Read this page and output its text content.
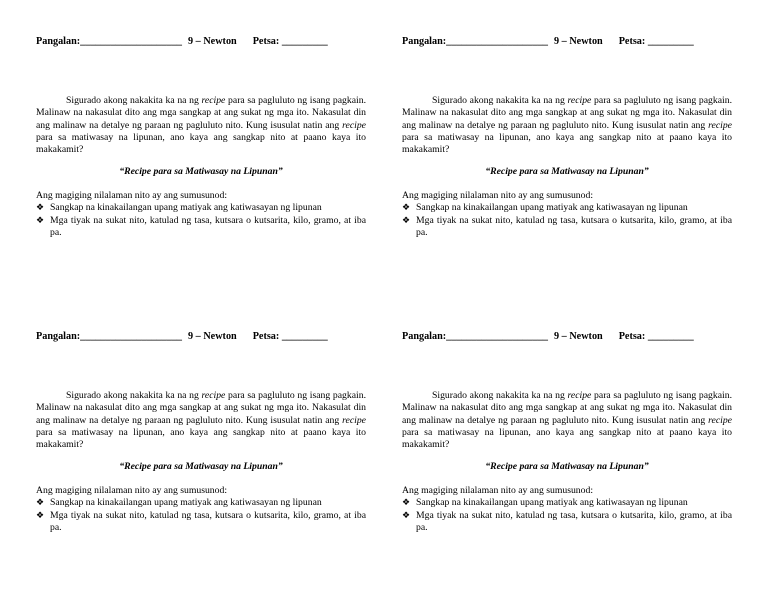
Pangalan:____________________ 9 – Newton Petsa: _________

Sigurado akong nakakita ka na ng recipe para sa pagluluto ng isang pagkain. Malinaw na nakasulat dito ang mga sangkap at ang sukat ng mga ito. Nakasulat din ang malinaw na detalye ng paraan ng pagluluto nito. Kung isusulat natin ang recipe para sa matiwasay na lipunan, ano kaya ang sangkap nito at paano kaya ito makakamit?

“Recipe para sa Matiwasay na Lipunan”
Ang magiging nilalaman nito ay ang sumusunod:
❖ Sangkap na kinakailangan upang matiyak ang katiwasayan ng lipunan
❖ Mga tiyak na sukat nito, katulad ng tasa, kutsara o kutsarita, kilo, gramo, at iba pa.
Pangalan:____________________ 9 – Newton Petsa: _________

Sigurado akong nakakita ka na ng recipe para sa pagluluto ng isang pagkain. Malinaw na nakasulat dito ang mga sangkap at ang sukat ng mga ito. Nakasulat din ang malinaw na detalye ng paraan ng pagluluto nito. Kung isusulat natin ang recipe para sa matiwasay na lipunan, ano kaya ang sangkap nito at paano kaya ito makakamit?

“Recipe para sa Matiwasay na Lipunan”
Ang magiging nilalaman nito ay ang sumusunod:
❖ Sangkap na kinakailangan upang matiyak ang katiwasayan ng lipunan
❖ Mga tiyak na sukat nito, katulad ng tasa, kutsara o kutsarita, kilo, gramo, at iba pa.
Pangalan:____________________ 9 – Newton Petsa: _________

Sigurado akong nakakita ka na ng recipe para sa pagluluto ng isang pagkain. Malinaw na nakasulat dito ang mga sangkap at ang sukat ng mga ito. Nakasulat din ang malinaw na detalye ng paraan ng pagluluto nito. Kung isusulat natin ang recipe para sa matiwasay na lipunan, ano kaya ang sangkap nito at paano kaya ito makakamit?

“Recipe para sa Matiwasay na Lipunan”
Ang magiging nilalaman nito ay ang sumusunod:
❖ Sangkap na kinakailangan upang matiyak ang katiwasayan ng lipunan
❖ Mga tiyak na sukat nito, katulad ng tasa, kutsara o kutsarita, kilo, gramo, at iba pa.
Pangalan:____________________ 9 – Newton Petsa: _________

Sigurado akong nakakita ka na ng recipe para sa pagluluto ng isang pagkain. Malinaw na nakasulat dito ang mga sangkap at ang sukat ng mga ito. Nakasulat din ang malinaw na detalye ng paraan ng pagluluto nito. Kung isusulat natin ang recipe para sa matiwasay na lipunan, ano kaya ang sangkap nito at paano kaya ito makakamit?

“Recipe para sa Matiwasay na Lipunan”
Ang magiging nilalaman nito ay ang sumusunod:
❖ Sangkap na kinakailangan upang matiyak ang katiwasayan ng lipunan
❖ Mga tiyak na sukat nito, katulad ng tasa, kutsara o kutsarita, kilo, gramo, at iba pa.
